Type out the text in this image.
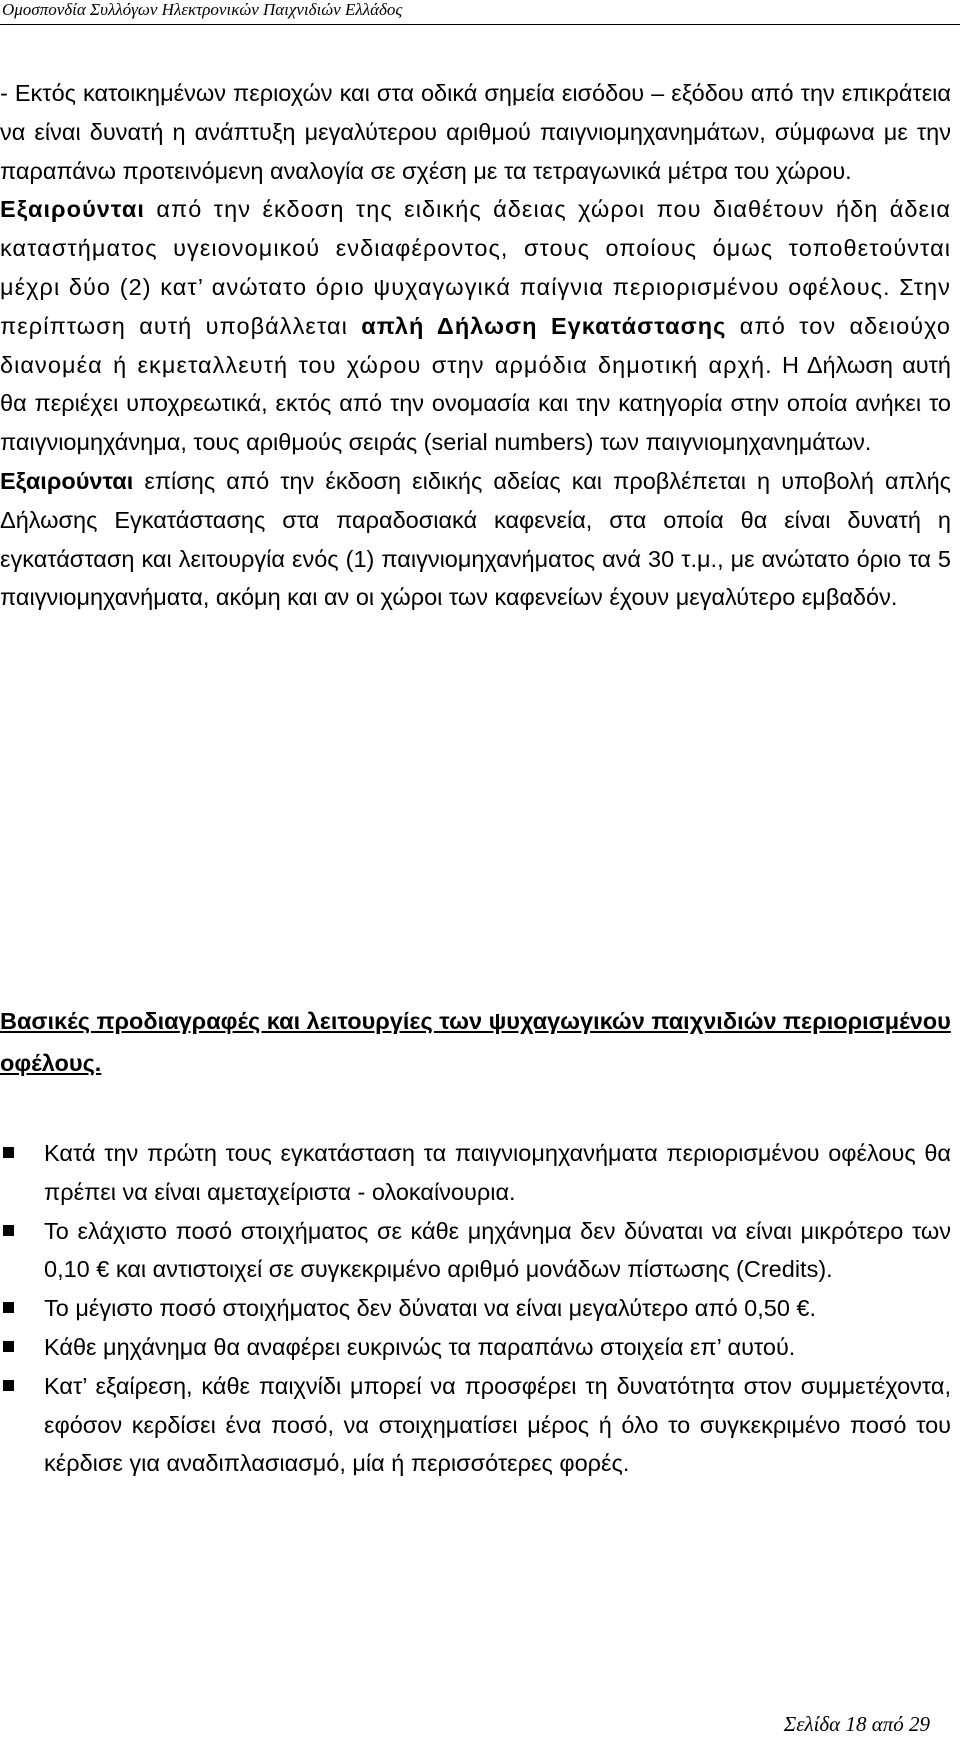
Ομοσπονδία Συλλόγων Ηλεκτρονικών Παιχνιδιών Ελλάδος

- Εκτός κατοικημένων περιοχών και στα οδικά σημεία εισόδου – εξόδου από την επικράτεια να είναι δυνατή η ανάπτυξη μεγαλύτερου αριθμού παιγνιομηχανημάτων, σύμφωνα με την παραπάνω προτεινόμενη αναλογία σε σχέση με τα τετραγωνικά μέτρα του χώρου.

Εξαιρούνται από την έκδοση της ειδικής άδειας χώροι που διαθέτουν ήδη άδεια καταστήματος υγειονομικού ενδιαφέροντος, στους οποίους όμως τοποθετούνται μέχρι δύο (2) κατ’ ανώτατο όριο ψυχαγωγικά παίγνια περιορισμένου οφέλους. Στην περίπτωση αυτή υποβάλλεται απλή Δήλωση Εγκατάστασης από τον αδειούχο διανομέα ή εκμεταλλευτή του χώρου στην αρμόδια δημοτική αρχή. Η Δήλωση αυτή θα περιέχει υποχρεωτικά, εκτός από την ονομασία και την κατηγορία στην οποία ανήκει το παιγνιομηχάνημα, τους αριθμούς σειράς (serial numbers) των παιγνιομηχανημάτων.

Εξαιρούνται επίσης από την έκδοση ειδικής αδείας και προβλέπεται η υποβολή απλής Δήλωσης Εγκατάστασης στα παραδοσιακά καφενεία, στα οποία θα είναι δυνατή η εγκατάσταση και λειτουργία ενός (1) παιγνιομηχανήματος ανά 30 τ.μ., με ανώτατο όριο τα 5 παιγνιομηχανήματα, ακόμη και αν οι χώροι των καφενείων έχουν μεγαλύτερο εμβαδόν.

Βασικές προδιαγραφές και λειτουργίες των ψυχαγωγικών παιχνιδιών περιορισμένου οφέλους.
Κατά την πρώτη τους εγκατάσταση τα παιγνιομηχανήματα περιορισμένου οφέλους θα πρέπει να είναι αμεταχείριστα - ολοκαίνουρια.
Το ελάχιστο ποσό στοιχήματος σε κάθε μηχάνημα δεν δύναται να είναι μικρότερο των 0,10 € και αντιστοιχεί σε συγκεκριμένο αριθμό μονάδων πίστωσης (Credits).
Το μέγιστο ποσό στοιχήματος δεν δύναται να είναι μεγαλύτερο από 0,50 €.
Κάθε μηχάνημα θα αναφέρει ευκρινώς τα παραπάνω στοιχεία επ’ αυτού.
Κατ’ εξαίρεση, κάθε παιχνίδι μπορεί να προσφέρει τη δυνατότητα στον συμμετέχοντα, εφόσον κερδίσει ένα ποσό, να στοιχηματίσει μέρος ή όλο το συγκεκριμένο ποσό του κέρδισε για αναδιπλασιασμό, μία ή περισσότερες φορές.
Σελίδα 18 από 29
